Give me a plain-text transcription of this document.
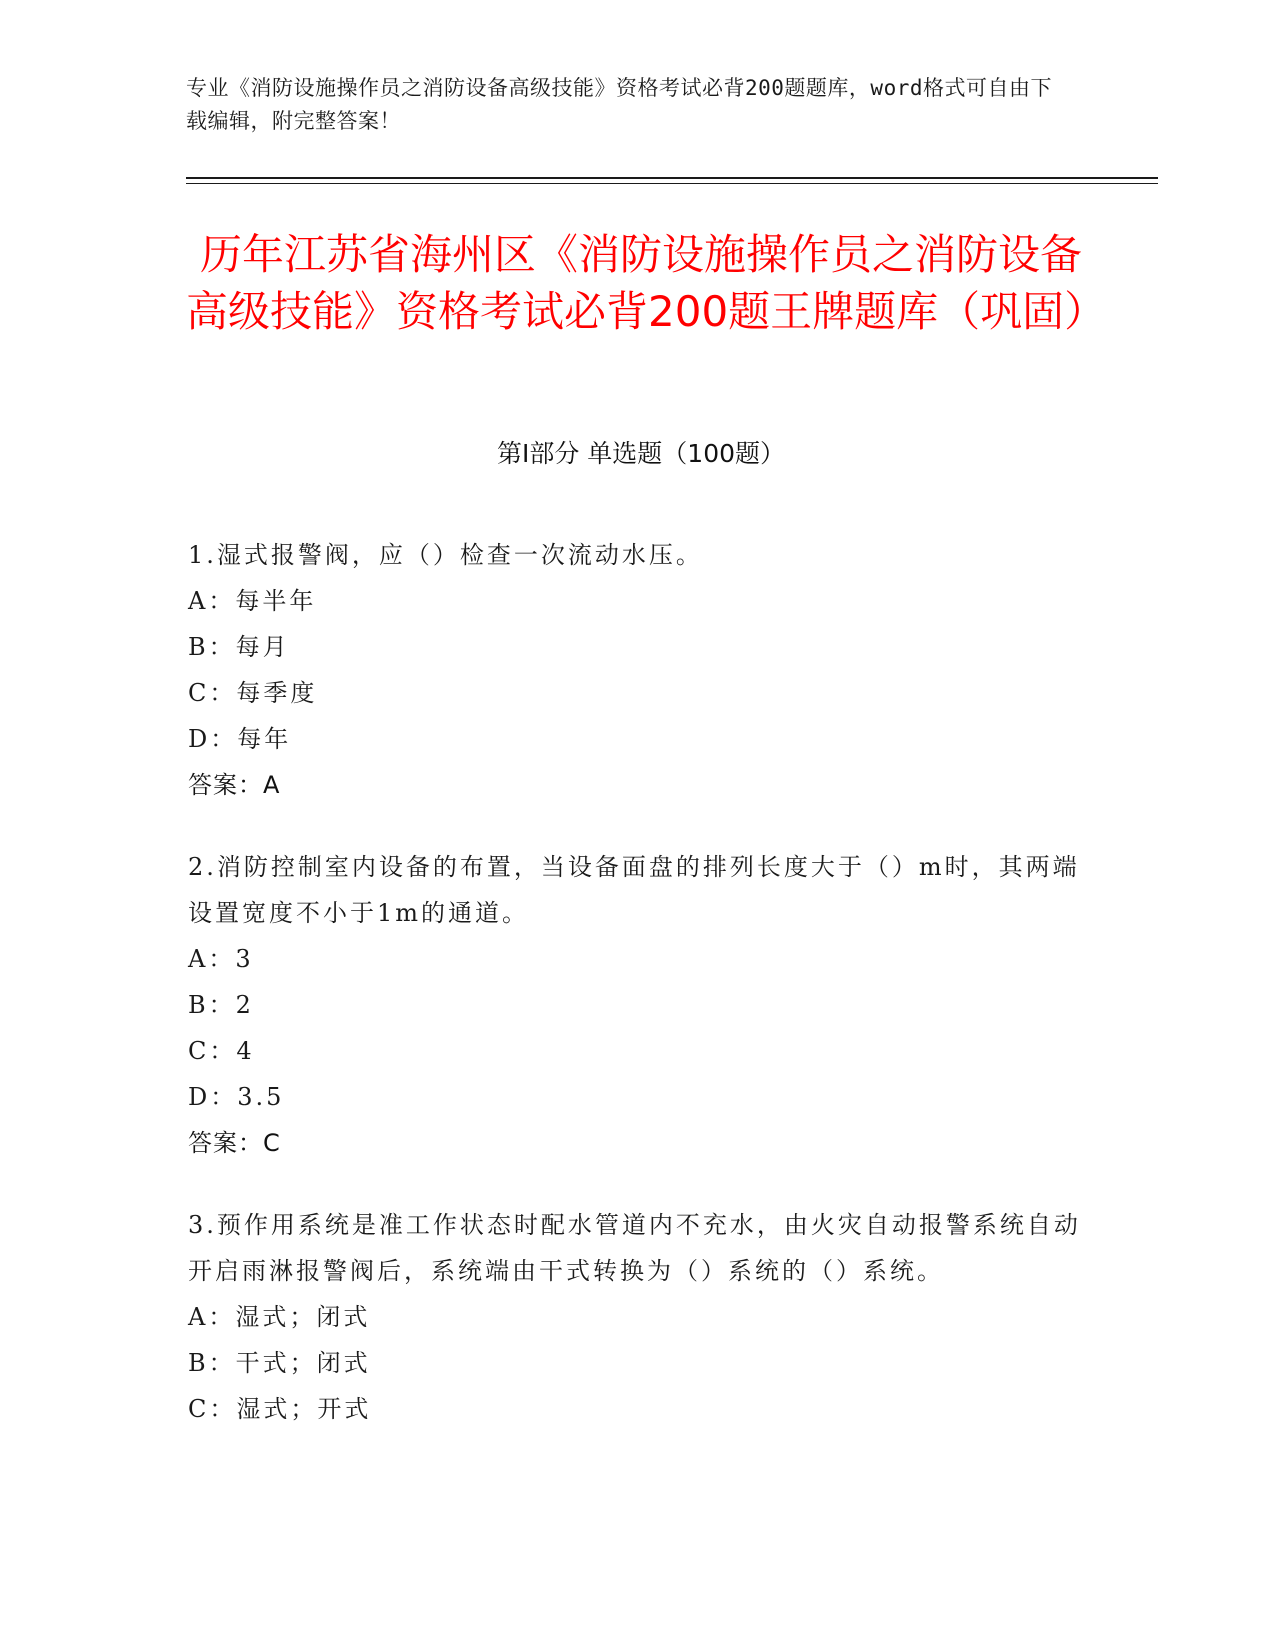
专业《消防设施操作员之消防设备高级技能》资格考试必背200题题库，word格式可自由下载编辑，附完整答案！
历年江苏省海州区《消防设施操作员之消防设备高级技能》资格考试必背200题王牌题库（巩固）
第Ⅰ部分 单选题（100题）

1.湿式报警阀，应（）检查一次流动水压。

A：每半年

B：每月

C：每季度

D：每年

答案：A

2.消防控制室内设备的布置，当设备面盘的排列长度大于（）m时，其两端设置宽度不小于1m的通道。

A：3

B：2

C：4

D：3.5

答案：C

3.预作用系统是准工作状态时配水管道内不充水，由火灾自动报警系统自动开启雨淋报警阀后，系统端由干式转换为（）系统的（）系统。

A：湿式；闭式

B：干式；闭式

C：湿式；开式
